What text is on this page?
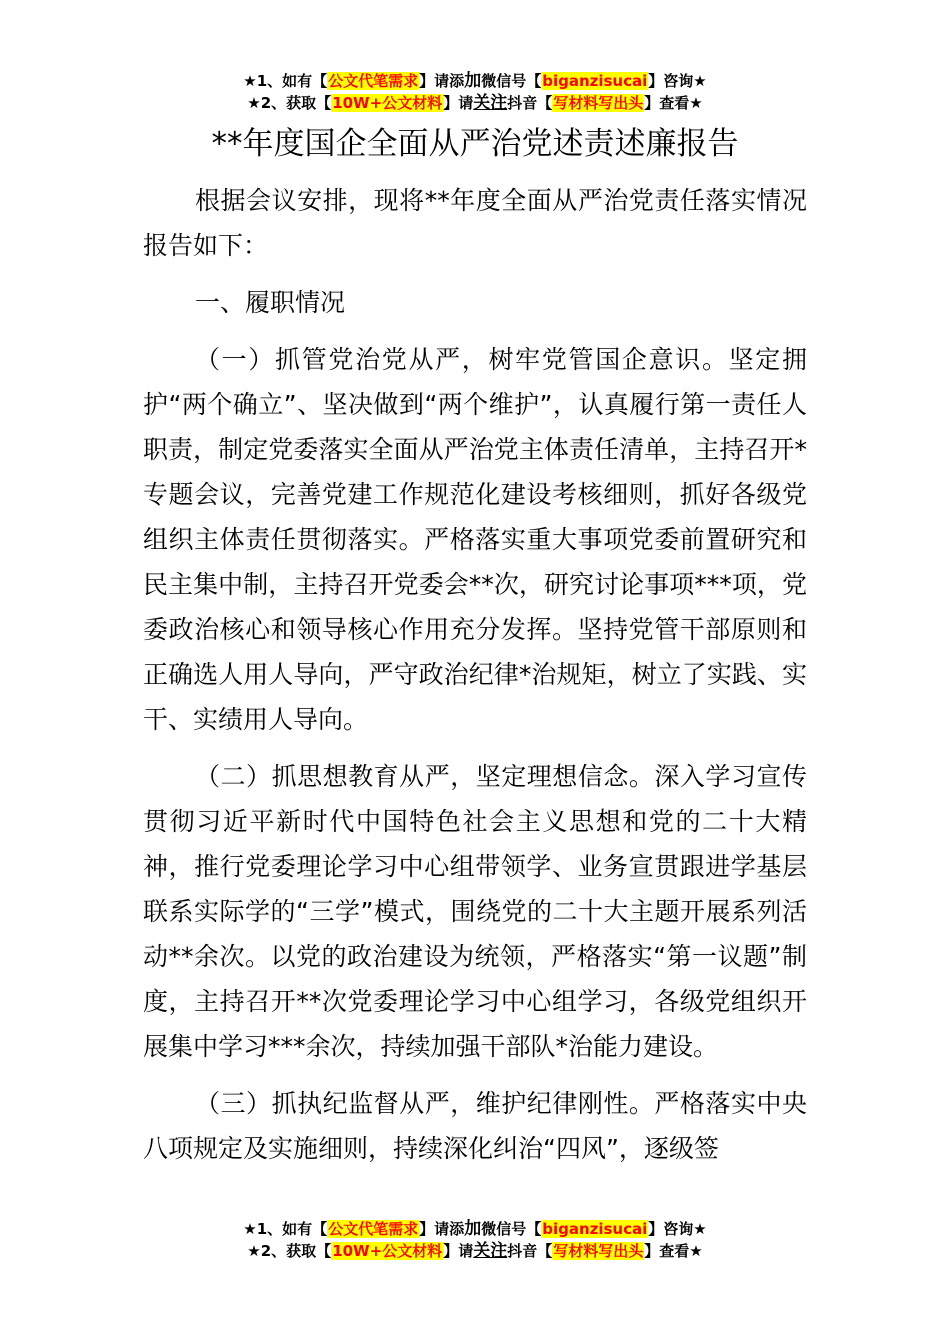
★1、如有【公文代笔需求】请添加微信号【biganzisucai】咨询★
★2、获取【10W+公文材料】请关注抖音【写材料写出头】查看★
**年度国企全面从严治党述责述廉报告

根据会议安排，现将**年度全面从严治党责任落实情况报告如下：

一、履职情况

（一）抓管党治党从严，树牢党管国企意识。坚定拥护“两个确立”、坚决做到“两个维护”，认真履行第一责任人职责，制定党委落实全面从严治党主体责任清单，主持召开*专题会议，完善党建工作规范化建设考核细则，抓好各级党组织主体责任贯彻落实。严格落实重大事项党委前置研究和民主集中制，主持召开党委会**次，研究讨论事项***项，党委政治核心和领导核心作用充分发挥。坚持党管干部原则和正确选人用人导向，严守政治纪律*治规矩，树立了实践、实干、实绩用人导向。

（二）抓思想教育从严，坚定理想信念。深入学习宣传贯彻习近平新时代中国特色社会主义思想和党的二十大精神，推行党委理论学习中心组带领学、业务宣贯跟进学基层联系实际学的“三学”模式，围绕党的二十大主题开展系列活动**余次。以党的政治建设为统领，严格落实“第一议题”制度，主持召开**次党委理论学习中心组学习，各级党组织开展集中学习***余次，持续加强干部队*治能力建设。

（三）抓执纪监督从严，维护纪律刚性。严格落实中央八项规定及实施细则，持续深化纠治“四风”，逐级签

★1、如有【公文代笔需求】请添加微信号【biganzisucai】咨询★
★2、获取【10W+公文材料】请关注抖音【写材料写出头】查看★
